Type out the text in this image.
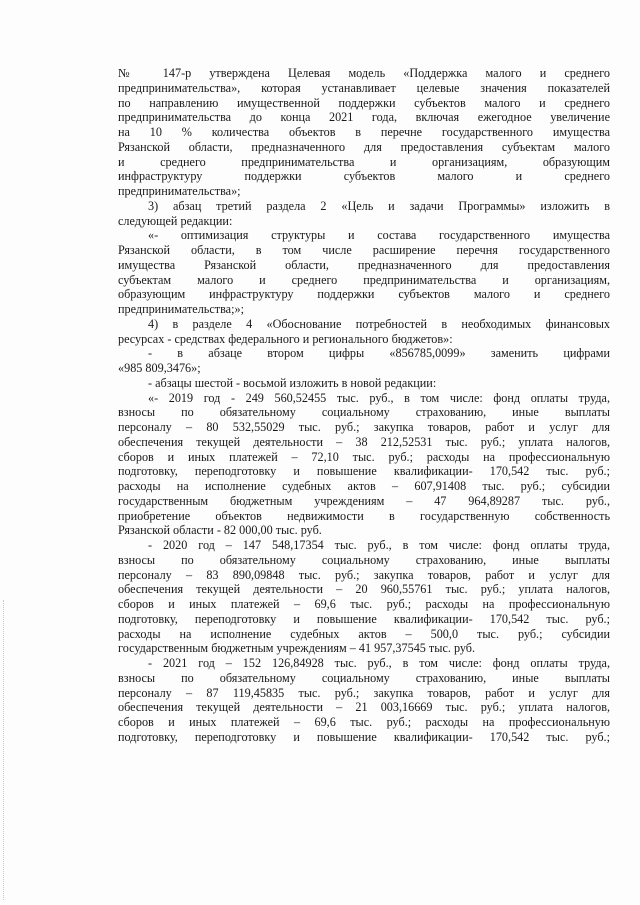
№ 147-р утверждена Целевая модель «Поддержка малого и среднего
предпринимательства», которая устанавливает целевые значения показателей
по направлению имущественной поддержки субъектов малого и среднего
предпринимательства до конца 2021 года, включая ежегодное увеличение
на 10 % количества объектов в перечне государственного имущества
Рязанской области, предназначенного для предоставления субъектам малого
и среднего предпринимательства и организациям, образующим
инфраструктуру поддержки субъектов малого и среднего
предпринимательства»;
3) абзац третий раздела 2 «Цель и задачи Программы» изложить в
следующей редакции:
«- оптимизация структуры и состава государственного имущества
Рязанской области, в том числе расширение перечня государственного
имущества Рязанской области, предназначенного для предоставления
субъектам малого и среднего предпринимательства и организациям,
образующим инфраструктуру поддержки субъектов малого и среднего
предпринимательства;»;
4) в разделе 4 «Обоснование потребностей в необходимых финансовых
ресурсах - средствах федерального и регионального бюджетов»:
- в абзаце втором цифры «856785,0099» заменить цифрами
«985 809,3476»;
- абзацы шестой - восьмой изложить в новой редакции:
«- 2019 год - 249 560,52455 тыс. руб., в том числе: фонд оплаты труда,
взносы по обязательному социальному страхованию, иные выплаты
персоналу – 80 532,55029 тыс. руб.; закупка товаров, работ и услуг для
обеспечения текущей деятельности – 38 212,52531 тыс. руб.; уплата налогов,
сборов и иных платежей – 72,10 тыс. руб.; расходы на профессиональную
подготовку, переподготовку и повышение квалификации- 170,542 тыс. руб.;
расходы на исполнение судебных актов – 607,91408 тыс. руб.; субсидии
государственным бюджетным учреждениям – 47 964,89287 тыс. руб.,
приобретение объектов недвижимости в государственную собственность
Рязанской области - 82 000,00 тыс. руб.
- 2020 год – 147 548,17354 тыс. руб., в том числе: фонд оплаты труда,
взносы по обязательному социальному страхованию, иные выплаты
персоналу – 83 890,09848 тыс. руб.; закупка товаров, работ и услуг для
обеспечения текущей деятельности – 20 960,55761 тыс. руб.; уплата налогов,
сборов и иных платежей – 69,6 тыс. руб.; расходы на профессиональную
подготовку, переподготовку и повышение квалификации- 170,542 тыс. руб.;
расходы на исполнение судебных актов – 500,0 тыс. руб.; субсидии
государственным бюджетным учреждениям – 41 957,37545 тыс. руб.
- 2021 год – 152 126,84928 тыс. руб., в том числе: фонд оплаты труда,
взносы по обязательному социальному страхованию, иные выплаты
персоналу – 87 119,45835 тыс. руб.; закупка товаров, работ и услуг для
обеспечения текущей деятельности – 21 003,16669 тыс. руб.; уплата налогов,
сборов и иных платежей – 69,6 тыс. руб.; расходы на профессиональную
подготовку, переподготовку и повышение квалификации- 170,542 тыс. руб.;
